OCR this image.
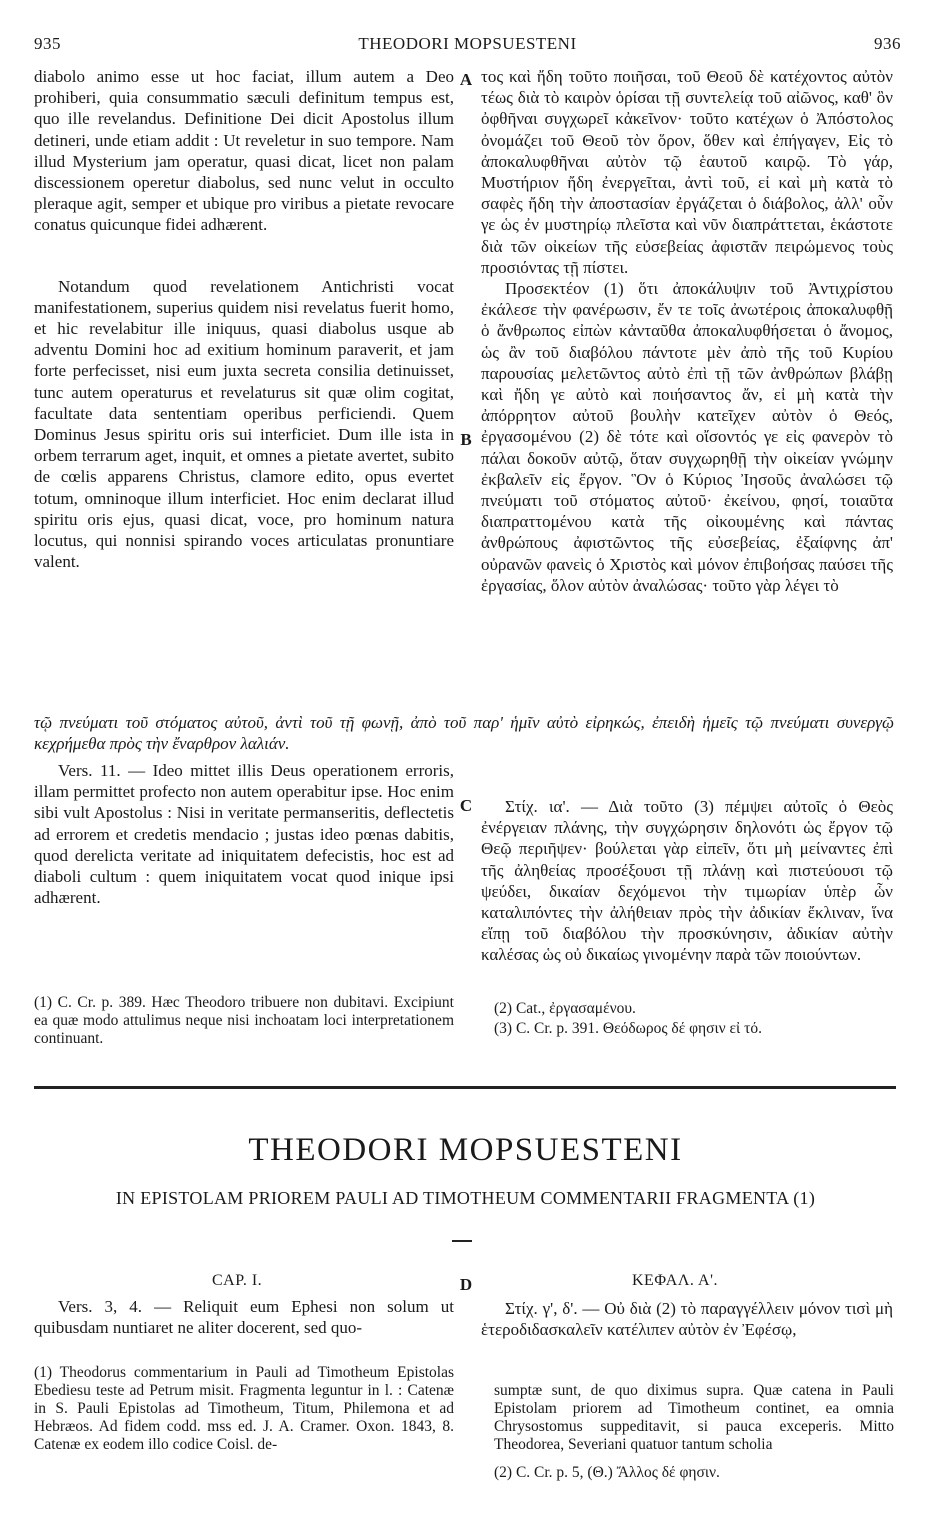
935	THEODORI MOPSUESTENI	936

diabolo animo esse ut hoc faciat, illum autem a Deo prohiberi, quia consummatio sæculi definitum tempus est, quo ille revelandus. Definitione Dei dicit Apostolus illum detineri, unde etiam addit : Ut reveletur in suo tempore. Nam illud Mysterium jam operatur, quasi dicat, licet non palam discessionem operetur diabolus, sed nunc velut in occulto pleraque agit, semper et ubique pro viribus a pietate revocare conatus quicunque fidei adhærent.

Notandum quod revelationem Antichristi vocat manifestationem, superius quidem nisi revelatus fuerit homo, et hic revelabitur ille iniquus, quasi diabolus usque ab adventu Domini hoc ad exitium hominum paraverit, et jam forte perfecisset, nisi eum juxta secreta consilia detinuisset, tunc autem operaturus et revelaturus sit quæ olim cogitat, facultate data sententiam operibus perficiendi. Quem Dominus Jesus spiritu oris sui interficiet. Dum ille ista in orbem terrarum aget, inquit, et omnes a pietate avertet, subito de cœlis apparens Christus, clamore edito, opus evertet totum, omninoque illum interficiet. Hoc enim declarat illud spiritu oris ejus, quasi dicat, voce, pro hominum natura locutus, qui nonnisi spirando voces articulatas pronuntiare valent.

τῷ πνεύματι τοῦ στόματος αὐτοῦ, ἀντὶ τοῦ τῇ φωνῇ, ἀπὸ τοῦ παρ' ἡμῖν αὐτὸ εἰρηκώς, ἐπειδὴ ἡμεῖς τῷ πνεύματι συνεργῷ κεχρήμεθα πρὸς τὴν ἔναρθρον λαλιάν.

Vers. 11. — Ideo mittet illis Deus operationem erroris, illam permittet profecto non autem operabitur ipse. Hoc enim sibi vult Apostolus : Nisi in veritate permanseritis, deflectetis ad errorem et credetis mendacio ; justas ideo pœnas dabitis, quod derelicta veritate ad iniquitatem defecistis, hoc est ad diaboli cultum : quem iniquitatem vocat quod inique ipsi adhærent.

τος καὶ ἤδη τοῦτο ποιῆσαι, τοῦ Θεοῦ δὲ κατέχοντος αὐτὸν τέως διὰ τὸ καιρὸν ὁρίσαι τῇ συντελείᾳ τοῦ αἰῶνος, καθ' ὃν ὀφθῆναι συγχωρεῖ κἀκεῖνον· τοῦτο κατέχων ὁ Ἀπόστολος ὀνομάζει τοῦ Θεοῦ τὸν ὅρον, ὅθεν καὶ ἐπήγαγεν, Εἰς τὸ ἀποκαλυφθῆναι αὐτὸν τῷ ἑαυτοῦ καιρῷ. Τὸ γάρ, Μυστήριον ἤδη ἐνεργεῖται, ἀντὶ τοῦ, εἰ καὶ μὴ κατὰ τὸ σαφὲς ἤδη τὴν ἀποστασίαν ἐργάζεται ὁ διάβολος, ἀλλ' οὖν γε ὡς ἐν μυστηρίῳ πλεῖστα καὶ νῦν διαπράττεται, ἑκάστοτε διὰ τῶν οἰκείων τῆς εὐσεβείας ἀφιστᾶν πειρώμενος τοὺς προσιόντας τῇ πίστει.

Προσεκτέον (1) ὅτι ἀποκάλυψιν τοῦ Ἀντιχρίστου ἐκάλεσε τὴν φανέρωσιν, ἔν τε τοῖς ἀνωτέροις ἀποκαλυφθῇ ὁ ἄνθρωπος εἰπὼν κἀνταῦθα ἀποκαλυφθήσεται ὁ ἄνομος, ὡς ἂν τοῦ διαβόλου πάντοτε μὲν ἀπὸ τῆς τοῦ Κυρίου παρουσίας μελετῶντος αὐτὸ ἐπὶ τῇ τῶν ἀνθρώπων βλάβῃ καὶ ἤδη γε αὐτὸ καὶ ποιήσαντος ἄν, εἰ μὴ κατὰ τὴν ἀπόρρητον αὐτοῦ βουλὴν κατεῖχεν αὐτὸν ὁ Θεός, ἐργασομένου (2) δὲ τότε καὶ οἴσοντός γε εἰς φανερὸν τὸ πάλαι δοκοῦν αὐτῷ, ὅταν συγχωρηθῇ τὴν οἰκείαν γνώμην ἐκβαλεῖν εἰς ἔργον. Ὃν ὁ Κύριος Ἰησοῦς ἀναλώσει τῷ πνεύματι τοῦ στόματος αὐτοῦ· ἐκείνου, φησί, τοιαῦτα διαπραττομένου κατὰ τῆς οἰκουμένης καὶ πάντας ἀνθρώπους ἀφιστῶντος τῆς εὐσεβείας, ἐξαίφνης ἀπ' οὐρανῶν φανεὶς ὁ Χριστὸς καὶ μόνον ἐπιβοήσας παύσει τῆς ἐργασίας, ὅλον αὐτὸν ἀναλώσας· τοῦτο γὰρ λέγει τὸ

Στίχ. ια'. — Διὰ τοῦτο (3) πέμψει αὐτοῖς ὁ Θεὸς ἐνέργειαν πλάνης, τὴν συγχώρησιν δηλονότι ὡς ἔργον τῷ Θεῷ περιῆψεν· βούλεται γὰρ εἰπεῖν, ὅτι μὴ μείναντες ἐπὶ τῆς ἀληθείας προσέξουσι τῇ πλάνῃ καὶ πιστεύουσι τῷ ψεύδει, δικαίαν δεχόμενοι τὴν τιμωρίαν ὑπὲρ ὧν καταλιπόντες τὴν ἀλήθειαν πρὸς τὴν ἀδικίαν ἔκλιναν, ἵνα εἴπῃ τοῦ διαβόλου τὴν προσκύνησιν, ἀδικίαν αὐτὴν καλέσας ὡς οὐ δικαίως γινομένην παρὰ τῶν ποιούντων.

A
B
C
D
(1) C. Cr. p. 389. Hæc Theodoro tribuere non dubitavi. Excipiunt ea quæ modo attulimus neque nisi inchoatam loci interpretationem continuant.
(2) Cat., ἐργασαμένου.
(3) C. Cr. p. 391. Θεόδωρος δέ φησιν εἰ τό.
THEODORI MOPSUESTENI
IN EPISTOLAM PRIOREM PAULI AD TIMOTHEUM COMMENTARII FRAGMENTA (1)
CAP. I.	ΚΕΦΑΛ. Α'.

Vers. 3, 4. — Reliquit eum Ephesi non solum ut quibusdam nuntiaret ne aliter docerent, sed quo-

Στίχ. γ', δ'. — Οὐ διὰ (2) τὸ παραγγέλλειν μόνον τισὶ μὴ ἑτεροδιδασκαλεῖν κατέλιπεν αὐτὸν ἐν Ἐφέσῳ,

(1) Theodorus commentarium in Pauli ad Timotheum Epistolas Ebediesu teste ad Petrum misit. Fragmenta leguntur in l. : Catenæ in S. Pauli Epistolas ad Timotheum, Titum, Philemona et ad Hebræos. Ad fidem codd. mss ed. J. A. Cramer. Oxon. 1843, 8. Catenæ ex eodem illo codice Coisl. de-
sumptæ sunt, de quo diximus supra. Quæ catena in Pauli Epistolam priorem ad Timotheum continet, ea omnia Chrysostomus suppeditavit, si pauca exceperis. Mitto Theodorea, Severiani quatuor tantum scholia
(2) C. Cr. p. 5, (Θ.) Ἄλλος δέ φησιν.
